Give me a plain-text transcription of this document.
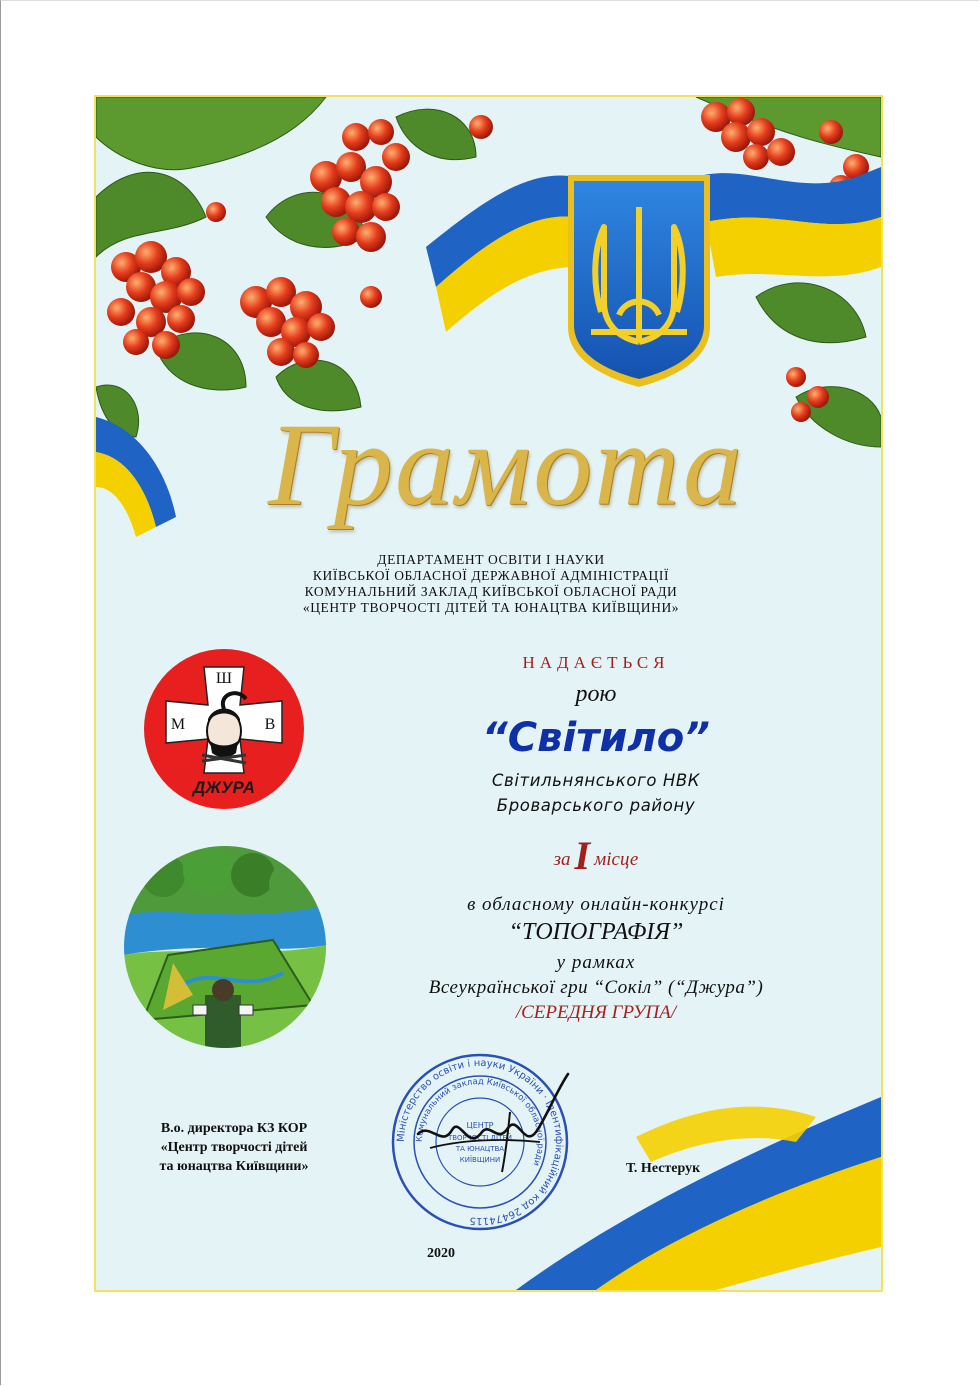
Грамота
ДЕПАРТАМЕНТ ОСВІТИ І НАУКИ
КИЇВСЬКОЇ ОБЛАСНОЇ ДЕРЖАВНОЇ АДМІНІСТРАЦІЇ
КОМУНАЛЬНИЙ ЗАКЛАД КИЇВСЬКОЇ ОБЛАСНОЇ РАДИ
«ЦЕНТР ТВОРЧОСТІ ДІТЕЙ ТА ЮНАЦТВА КИЇВЩИНИ»
Ш
М	В
ДЖУРА
НАДАЄТЬСЯ
рою
“Світило”
Світильнянського НВК
Броварського району
за I місце
в обласному онлайн-конкурсі
“ТОПОГРАФІЯ”
у рамках
Всеукраїнської гри “Сокіл” (“Джура”)
/СЕРЕДНЯ ГРУПА/
В.о. директора КЗ КОР
«Центр творчості дітей
та юнацтва Київщини»
Міністерство освіти і науки України · Ідентифікаційний код 26474115
Комунальний заклад Київської обласної ради
ЦЕНТР
ТВОРЧОСТІ ДІТЕЙ
ТА ЮНАЦТВА
КИЇВЩИНИ
Т. Нестерук
2020
